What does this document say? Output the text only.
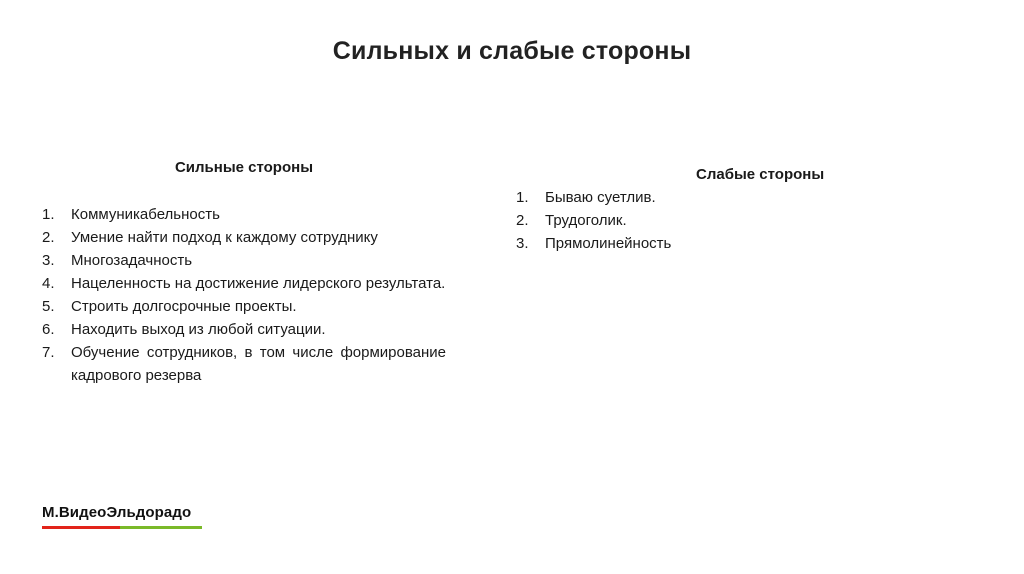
Сильных и слабые стороны
Сильные стороны
1.	Коммуникабельность
2.	Умение найти подход к каждому сотруднику
3.	Многозадачность
4.	Нацеленность на достижение лидерского результата.
5.	Строить долгосрочные проекты.
6.	Находить выход из любой ситуации.
7.	Обучение сотрудников, в том числе формирование кадрового резерва
Слабые стороны
1.	Бываю суетлив.
2.	Трудоголик.
3.	Прямолинейность
М.ВидеоЭльдорадо
